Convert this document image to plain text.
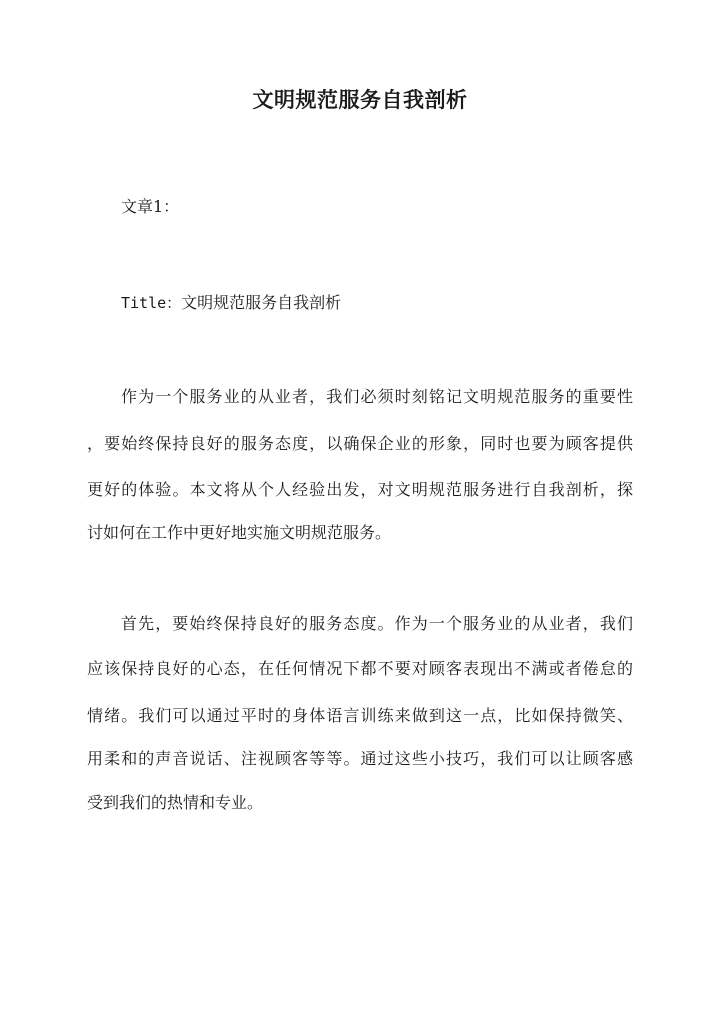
文明规范服务自我剖析
文章1：
Title：文明规范服务自我剖析
作为一个服务业的从业者，我们必须时刻铭记文明规范服务的重要性
，要始终保持良好的服务态度，以确保企业的形象，同时也要为顾客提供
更好的体验。本文将从个人经验出发，对文明规范服务进行自我剖析，探
讨如何在工作中更好地实施文明规范服务。
首先，要始终保持良好的服务态度。作为一个服务业的从业者，我们
应该保持良好的心态，在任何情况下都不要对顾客表现出不满或者倦怠的
情绪。我们可以通过平时的身体语言训练来做到这一点，比如保持微笑、
用柔和的声音说话、注视顾客等等。通过这些小技巧，我们可以让顾客感
受到我们的热情和专业。
